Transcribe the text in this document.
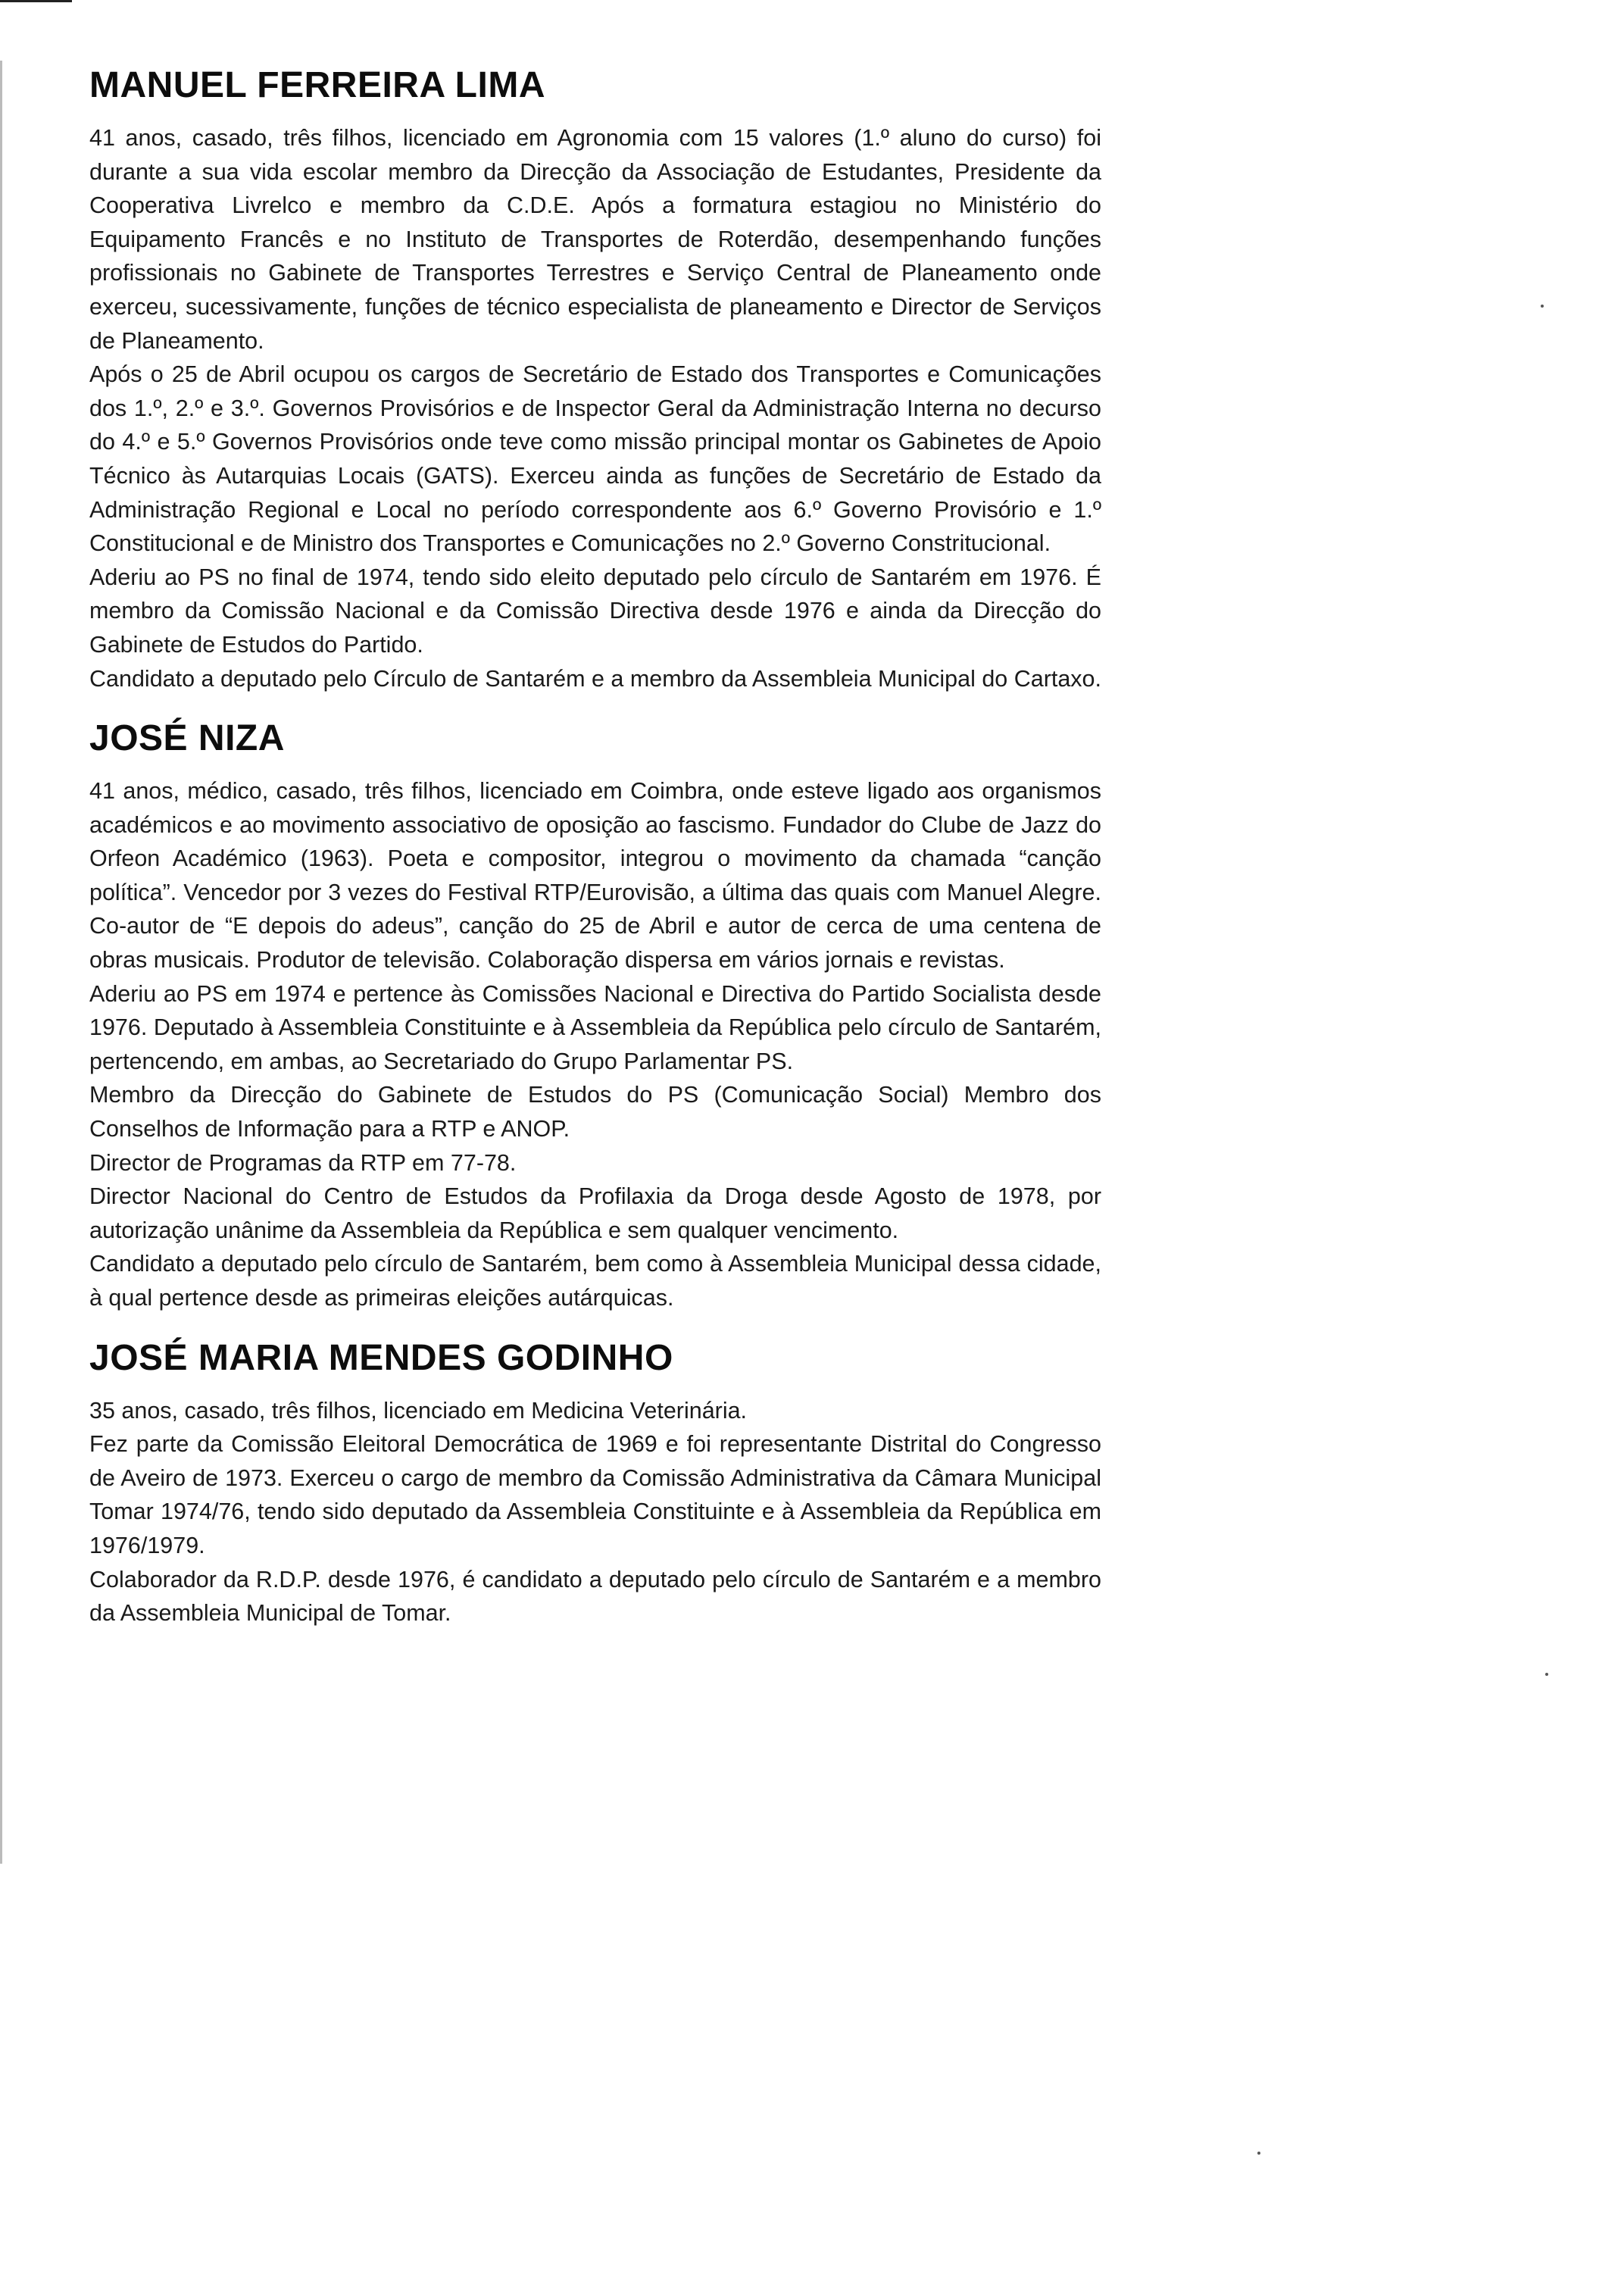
MANUEL FERREIRA LIMA

41 anos, casado, três filhos, licenciado em Agronomia com 15 valores (1.º aluno do curso) foi durante a sua vida escolar membro da Direcção da Associação de Estudantes, Presidente da Cooperativa Livrelco e membro da C.D.E. Após a formatura estagiou no Ministério do Equipamento Francês e no Instituto de Transportes de Roterdão, desempenhando funções profissionais no Gabinete de Transportes Terrestres e Serviço Central de Planeamento onde exerceu, sucessivamente, funções de técnico especialista de planeamento e Director de Serviços de Planeamento.

Após o 25 de Abril ocupou os cargos de Secretário de Estado dos Transportes e Comunicações dos 1.º, 2.º e 3.º. Governos Provisórios e de Inspector Geral da Administração Interna no decurso do 4.º e 5.º Governos Provisórios onde teve como missão principal montar os Gabinetes de Apoio Técnico às Autarquias Locais (GATS). Exerceu ainda as funções de Secretário de Estado da Administração Regional e Local no período correspondente aos 6.º Governo Provisório e 1.º Constitucional e de Ministro dos Transportes e Comunicações no 2.º Governo Constritucional.

Aderiu ao PS no final de 1974, tendo sido eleito deputado pelo círculo de Santarém em 1976. É membro da Comissão Nacional e da Comissão Directiva desde 1976 e ainda da Direcção do Gabinete de Estudos do Partido.

Candidato a deputado pelo Círculo de Santarém e a membro da Assembleia Municipal do Cartaxo.

JOSÉ NIZA

41 anos, médico, casado, três filhos, licenciado em Coimbra, onde esteve ligado aos organismos académicos e ao movimento associativo de oposição ao fascismo. Fundador do Clube de Jazz do Orfeon Académico (1963). Poeta e compositor, integrou o movimento da chamada “canção política”. Vencedor por 3 vezes do Festival RTP/Eurovisão, a última das quais com Manuel Alegre. Co-autor de “E depois do adeus”, canção do 25 de Abril e autor de cerca de uma centena de obras musicais. Produtor de televisão. Colaboração dispersa em vários jornais e revistas.

Aderiu ao PS em 1974 e pertence às Comissões Nacional e Directiva do Partido Socialista desde 1976. Deputado à Assembleia Constituinte e à Assembleia da República pelo círculo de Santarém, pertencendo, em ambas, ao Secretariado do Grupo Parlamentar PS.

Membro da Direcção do Gabinete de Estudos do PS (Comunicação Social) Membro dos Conselhos de Informação para a RTP e ANOP.

Director de Programas da RTP em 77-78.

Director Nacional do Centro de Estudos da Profilaxia da Droga desde Agosto de 1978, por autorização unânime da Assembleia da República e sem qualquer vencimento.

Candidato a deputado pelo círculo de Santarém, bem como à Assembleia Municipal dessa cidade, à qual pertence desde as primeiras eleições autárquicas.

JOSÉ MARIA MENDES GODINHO

35 anos, casado, três filhos, licenciado em Medicina Veterinária.

Fez parte da Comissão Eleitoral Democrática de 1969 e foi representante Distrital do Congresso de Aveiro de 1973. Exerceu o cargo de membro da Comissão Administrativa da Câmara Municipal Tomar 1974/76, tendo sido deputado da Assembleia Constituinte e à Assembleia da República em 1976/1979.

Colaborador da R.D.P. desde 1976, é candidato a deputado pelo círculo de Santarém e a membro da Assembleia Municipal de Tomar.
